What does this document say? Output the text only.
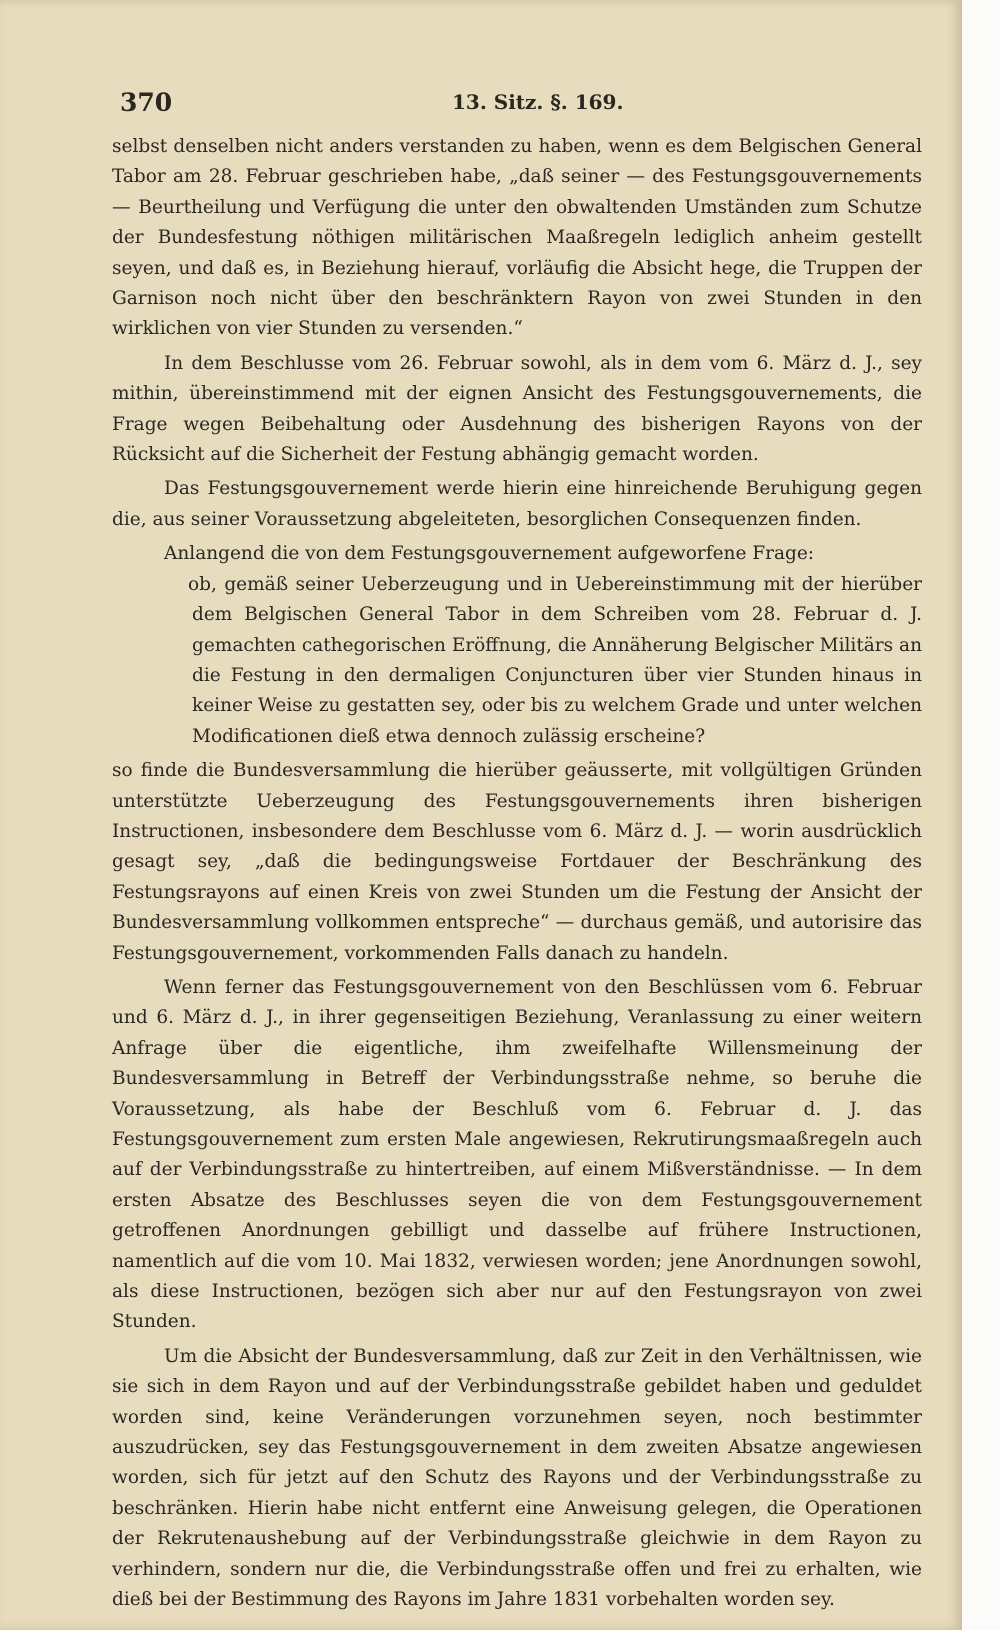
370	13. Sitz. §. 169.

selbst denselben nicht anders verstanden zu haben, wenn es dem Belgischen General Tabor am 28. Februar geschrieben habe, „daß seiner — des Festungsgouvernements — Beurtheilung und Verfügung die unter den obwaltenden Umständen zum Schutze der Bundesfestung nöthigen militärischen Maaßregeln lediglich anheim gestellt seyen, und daß es, in Beziehung hierauf, vorläufig die Absicht hege, die Truppen der Garnison noch nicht über den beschränktern Rayon von zwei Stunden in den wirklichen von vier Stunden zu versenden.“

In dem Beschlusse vom 26. Februar sowohl, als in dem vom 6. März d. J., sey mithin, übereinstimmend mit der eignen Ansicht des Festungsgouvernements, die Frage wegen Beibehaltung oder Ausdehnung des bisherigen Rayons von der Rücksicht auf die Sicherheit der Festung abhängig gemacht worden.

Das Festungsgouvernement werde hierin eine hinreichende Beruhigung gegen die, aus seiner Voraussetzung abgeleiteten, besorglichen Consequenzen finden.

Anlangend die von dem Festungsgouvernement aufgeworfene Frage:

ob, gemäß seiner Ueberzeugung und in Uebereinstimmung mit der hierüber dem Belgischen General Tabor in dem Schreiben vom 28. Februar d. J. gemachten cathegorischen Eröffnung, die Annäherung Belgischer Militärs an die Festung in den dermaligen Conjuncturen über vier Stunden hinaus in keiner Weise zu gestatten sey, oder bis zu welchem Grade und unter welchen Modificationen dieß etwa dennoch zulässig erscheine?

so finde die Bundesversammlung die hierüber geäusserte, mit vollgültigen Gründen unterstützte Ueberzeugung des Festungsgouvernements ihren bisherigen Instructionen, insbesondere dem Beschlusse vom 6. März d. J. — worin ausdrücklich gesagt sey, „daß die bedingungsweise Fortdauer der Beschränkung des Festungsrayons auf einen Kreis von zwei Stunden um die Festung der Ansicht der Bundesversammlung vollkommen entspreche“ — durchaus gemäß, und autorisire das Festungsgouvernement, vorkommenden Falls danach zu handeln.

Wenn ferner das Festungsgouvernement von den Beschlüssen vom 6. Februar und 6. März d. J., in ihrer gegenseitigen Beziehung, Veranlassung zu einer weitern Anfrage über die eigentliche, ihm zweifelhafte Willensmeinung der Bundesversammlung in Betreff der Verbindungsstraße nehme, so beruhe die Voraussetzung, als habe der Beschluß vom 6. Februar d. J. das Festungsgouvernement zum ersten Male angewiesen, Rekrutirungsmaaßregeln auch auf der Verbindungsstraße zu hintertreiben, auf einem Mißverständnisse. — In dem ersten Absatze des Beschlusses seyen die von dem Festungsgouvernement getroffenen Anordnungen gebilligt und dasselbe auf frühere Instructionen, namentlich auf die vom 10. Mai 1832, verwiesen worden; jene Anordnungen sowohl, als diese Instructionen, bezögen sich aber nur auf den Festungsrayon von zwei Stunden.

Um die Absicht der Bundesversammlung, daß zur Zeit in den Verhältnissen, wie sie sich in dem Rayon und auf der Verbindungsstraße gebildet haben und geduldet worden sind, keine Veränderungen vorzunehmen seyen, noch bestimmter auszudrücken, sey das Festungsgouvernement in dem zweiten Absatze angewiesen worden, sich für jetzt auf den Schutz des Rayons und der Verbindungsstraße zu beschränken. Hierin habe nicht entfernt eine Anweisung gelegen, die Operationen der Rekrutenaushebung auf der Verbindungsstraße gleichwie in dem Rayon zu verhindern, sondern nur die, die Verbindungsstraße offen und frei zu erhalten, wie dieß bei der Bestimmung des Rayons im Jahre 1831 vorbehalten worden sey.
